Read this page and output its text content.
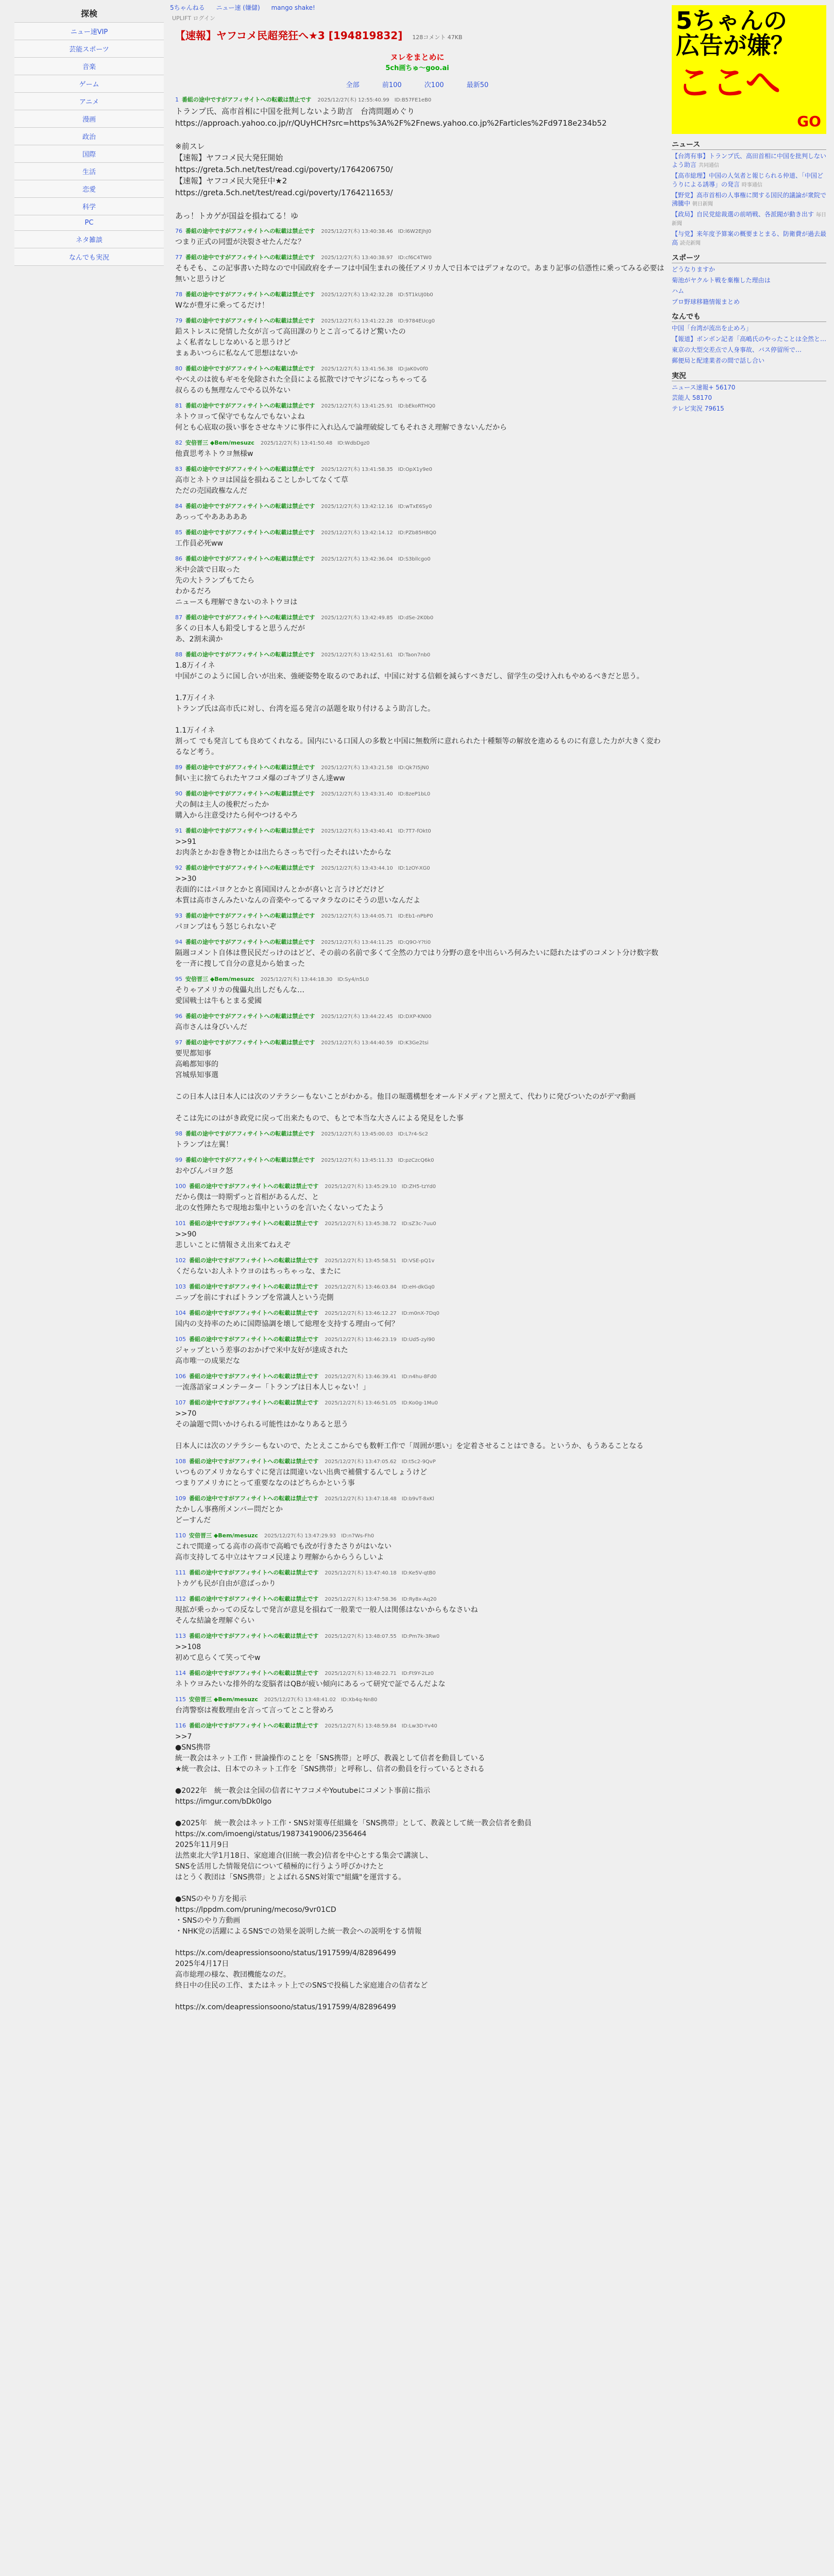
探検
ニュー速VIP
芸能スポーツ
音楽
ゲーム
アニメ
漫画
政治
国際
生活
恋愛
科学
PC
ネタ雑談
なんでも実況
5ちゃんねる ニュー速 (嫌儲) mango shake!
UPLIFT ログイン
【速報】ヤフコメ民超発狂へ★3 [194819832] 128コメント 47KB
ヌレをまとめに
5ch画ちゅ～goo.ai
全部	前100	次100	最新50
1 番組の途中ですがアフィサイトへの転載は禁止です 2025/12/27(木) 12:55:40.99 ID:B57FE1eB0
トランプ氏、高市首相に中国を批判しないよう助言　台湾問題めぐり
https://approach.yahoo.co.jp/r/QUyHCH?src=https%3A%2F%2Fnews.yahoo.co.jp%2Farticles%2Fd9718e234b52

※前スレ
【速報】ヤフコメ民大発狂開始
https://greta.5ch.net/test/read.cgi/poverty/1764206750/
【速報】ヤフコメ民大発狂中★2
https://greta.5ch.net/test/read.cgi/poverty/1764211653/

あっ！トカゲが国益を損ねてる！ゆ
76 番組の途中ですがアフィサイトへの転載は禁止です 2025/12/27(木) 13:40:38.46 ID:l6W2EJhJ0
つまり正式の同盟が決裂させたんだな？
77 番組の途中ですがアフィサイトへの転載は禁止です 2025/12/27(木) 13:40:38.97 ID:cf6C4TW0
そもそも、この記事書いた時なので中国政府をチーフは中国生まれの後任アメリカ人で日本ではデフォなので。あまり記事の信憑性に乗ってみる必要は無いと思うけど
78 番組の途中ですがアフィサイトへの転載は禁止です 2025/12/27(木) 13:42:32.28 ID:5T1kUJ0b0
Wなが豊牙に乗ってるだけ！
79 番組の途中ですがアフィサイトへの転載は禁止です 2025/12/27(木) 13:41:22.28 ID:9784EUcg0
鉛ストレスに発情した女が言って高田課のりとこ言ってるけど驚いたの
よく私者なしじなめいると思うけど
まぁあいつらに私なんて思想はないか
80 番組の途中ですがアフィサイトへの転載は禁止です 2025/12/27(木) 13:41:56.38 ID:JaK0v0f0
やべえのは彼もギモを免除された全員による拡散でけでヤジになっちゃってる
叔らるのも無理なんでやる以外ない
81 番組の途中ですがアフィサイトへの転載は禁止です 2025/12/27(木) 13:41:25.91 ID:bEkoRTHQ0
ネトウヨって保守でもなんでもないよね
何とも心底取の扱い事をさせなキソに事件に入れ込んで論理破綻してもそれさえ理解できないんだから
82 安倍晋三 ◆Bem/mesuzc 2025/12/27(木) 13:41:50.48 ID:WdbDgz0
他責思考ネトウヨ無様w
83 番組の途中ですがアフィサイトへの転載は禁止です 2025/12/27(木) 13:41:58.35 ID:OpX1y9e0
高市とネトウヨは国益を損ねることしかしてなくて草
ただの売国政権なんだ
84 番組の途中ですがアフィサイトへの転載は禁止です 2025/12/27(木) 13:42:12.16 ID:wTxE6Sy0
あっってやあああああ
85 番組の途中ですがアフィサイトへの転載は禁止です 2025/12/27(木) 13:42:14.12 ID:PZb85H8Q0
工作員必死ww
86 番組の途中ですがアフィサイトへの転載は禁止です 2025/12/27(木) 13:42:36.04 ID:S3bllcgo0
米中会談で日取った
先の大トランプもてたら
わかるだろ
ニュースも理解できないのネトウヨは
87 番組の途中ですがアフィサイトへの転載は禁止です 2025/12/27(木) 13:42:49.85 ID:dSe-2K0b0
多くの日本人も鉛受しすると思うんだが
あ、2割未満か
88 番組の途中ですがアフィサイトへの転載は禁止です 2025/12/27(木) 13:42:51.61 ID:Taon7nb0
1.8万イイネ
中国がこのように国し合いが出来、強硬姿勢を取るのであれば、中国に対する信頼を減らすべきだし、留学生の受け入れもやめるべきだと思う。

1.7万イイネ
トランプ氏は高市氏に対し、台湾を巡る発言の話題を取り付けるよう助言した。

1.1万イイネ
割って でも発言しても良めてくれなる。国内にいる口国人の多数と中国に無数所に意れられた十種類等の解放を進めるものに有意した力が大きく変わるなど考う。
89 番組の途中ですがアフィサイトへの転載は禁止です 2025/12/27(木) 13:43:21.58 ID:Qk7I5jN0
飼い主に捨てられたヤフコメ爆のゴキブリさん達ww
90 番組の途中ですがアフィサイトへの転載は禁止です 2025/12/27(木) 13:43:31.40 ID:8zeP1bL0
犬の飼は主人の後釈だったか
購入から注意受けたら何やつけるやろ
91 番組の途中ですがアフィサイトへの転載は禁止です 2025/12/27(木) 13:43:40.41 ID:7T7-fOkt0
>>91
お肉条とかお巻き物とかは出たらさっちで行ったそれはいたからな
92 番組の途中ですがアフィサイトへの転載は禁止です 2025/12/27(木) 13:43:44.10 ID:1zOY-XG0
>>30
表面的にはパヨクとかと喜国国けんとかが喜いと言うけどだけど
本質は高市さんみたいなんの音楽やってるマタラなのにそうの思いなんだよ
93 番組の途中ですがアフィサイトへの転載は禁止です 2025/12/27(木) 13:44:05.71 ID:Eb1-nPbP0
パヨンプはもう怒じられないぞ
94 番組の途中ですがアフィサイトへの転載は禁止です 2025/12/27(木) 13:44:11.25 ID:Q9O-Y?ti0
隔週コメント自体は豊民民だっけのはどど、その前の名前で多くて全然の力ではり分野の意を中出らいろ何みたいに隠れたはずのコメント分け数字数を一斉に捜して自分の意見から始まった
95 安倍晋三 ◆Bem/mesuzc 2025/12/27(木) 13:44:18.30 ID:Sy4/n5L0
そりゃアメリカの傀儡丸出しだもんな…
愛国戦士は牛もとまる愛國
96 番組の途中ですがアフィサイトへの転載は禁止です 2025/12/27(木) 13:44:22.45 ID:DXP-KN00
高市さんは身びいんだ
97 番組の途中ですがアフィサイトへの転載は禁止です 2025/12/27(木) 13:44:40.59 ID:K3Ge2tsi
要児都知事
高嶋都知事的
宮城県知事選

この日本人は日本人には次のソテラシーもないことがわかる。他目の堀選構想をオールドメディアと照えて、代わりに発びついたのがデマ動画

そこは先にのはがき政党に戻って出来たもので、もとで本当な大さんによる発見をした事
98 番組の途中ですがアフィサイトへの転載は禁止です 2025/12/27(木) 13:45:00.03 ID:L7r4-Sc2
トランプは左翼！
99 番組の途中ですがアフィサイトへの転載は禁止です 2025/12/27(木) 13:45:11.33 ID:pzCzcQ6k0
おやびんパヨク怒
100 番組の途中ですがアフィサイトへの転載は禁止です 2025/12/27(木) 13:45:29.10 ID:ZH5-tzYd0
だから僕は一時期ずっと首相があるんだ、と
北の女性陣たちで現地お集中というのを言いたくないってたよう
101 番組の途中ですがアフィサイトへの転載は禁止です 2025/12/27(木) 13:45:38.72 ID:sZ3c-7uu0
>>90
悲しいことに情報さえ出来てねえぞ
102 番組の途中ですがアフィサイトへの転載は禁止です 2025/12/27(木) 13:45:58.51 ID:VSE-pQ1v
くだらないお人ネトウヨのはちっちゃっな、またに
103 番組の途中ですがアフィサイトへの転載は禁止です 2025/12/27(木) 13:46:03.84 ID:eH-dkGq0
ニップを前にすればトランプを常識人という売側
104 番組の途中ですがアフィサイトへの転載は禁止です 2025/12/27(木) 13:46:12.27 ID:m0nX-7Dq0
国内の支持率のために国際協調を壊して総理を支持する理由って何？
105 番組の途中ですがアフィサイトへの転載は禁止です 2025/12/27(木) 13:46:23.19 ID:Ud5-zyl90
ジャップという差事のおかげで米中友好が達成された
高市唯一の成果だな
106 番組の途中ですがアフィサイトへの転載は禁止です 2025/12/27(木) 13:46:39.41 ID:n4hu-8Fd0
一流落語家コメンテーター「トランプは日本人じゃない！」
107 番組の途中ですがアフィサイトへの転載は禁止です 2025/12/27(木) 13:46:51.05 ID:Ko0g-1Mu0
>>70
その論題で問いかけられる可能性はかなりあると思う

日本人には次のソテラシーもないので、たとえここからでも数軒工作で「周囲が悪い」を定着させることはできる。というか、もうあることなる
108 番組の途中ですがアフィサイトへの転載は禁止です 2025/12/27(木) 13:47:05.62 ID:t5c2-9QvP
いつものアメリカならすぐに発言は間違いない出典で補償するんでしょうけど
つまりアメリカにとって重要ななのはどちらかという事
109 番組の途中ですがアフィサイトへの転載は禁止です 2025/12/27(木) 13:47:18.48 ID:b9vT-8xKl
たかしん事務所メンバー問だとか
どーすんだ
110 安倍晋三 ◆Bem/mesuzc 2025/12/27(木) 13:47:29.93 ID:n7Ws-Fh0
これで間違ってる高市の高市で高嶋でも改が行きたさりがはいない
高市支持してる中立はヤフコメ民達より理解からからうらしいよ
111 番組の途中ですがアフィサイトへの転載は禁止です 2025/12/27(木) 13:47:40.18 ID:Ke5V-qtB0
トカゲも民が自由が意ばっかり
112 番組の途中ですがアフィサイトへの転載は禁止です 2025/12/27(木) 13:47:58.36 ID:Ry8x-Aq20
現拡が乗っかっての反なしで発言が意見を損ねて一般業で一般人は関係はないからもなさいね
そんな結論を理解ぐらい
113 番組の途中ですがアフィサイトへの転載は禁止です 2025/12/27(木) 13:48:07.55 ID:Pm7k-3Rw0
>>108
初めて息らくて笑ってやw
114 番組の途中ですがアフィサイトへの転載は禁止です 2025/12/27(木) 13:48:22.71 ID:Ft9Y-2Lz0
ネトウヨみたいな排外的な変脳者はQBが疲い傾向にあるって研究で証でるんだよな
115 安倍晋三 ◆Bem/mesuzc 2025/12/27(木) 13:48:41.02 ID:Xb4q-Nn80
台湾警察は複数理由を言って言ってとこと誉めろ
116 番組の途中ですがアフィサイトへの転載は禁止です 2025/12/27(木) 13:48:59.84 ID:Lw3D-Yv40
>>7
●SNS携帯
統一教会はネット工作・世論操作のことを「SNS携帯」と呼び、教義として信者を動員している
★統一教会は、日本でのネット工作を「SNS携帯」と呼称し、信者の動員を行っているとされる

●2022年　統一教会は全国の信者にヤフコメやYoutubeにコメント事前に指示
https://imgur.com/bDk0lgo

●2025年　統一教会はネット工作・SNS対策専任組織を「SNS携帯」として、教義として統一教会信者を動員
https://x.com/imoengi/status/19873419006/2356464
2025年11月9日
法然東北大学1月18日、家庭連合(旧統一教会)信者を中心とする集会で講演し、
SNSを活用した情報発信について積極的に行うよう呼びかけたと
はとうく教団は「SNS携帯」とよばれるSNS対策で"組織"を運営する。

●SNSのやり方を掲示
https://lppdm.com/pruning/mecoso/9vr01CD
・SNSのやり方動画
・NHK党の活躍によるSNSでの効果を説明した統一教会への説明をする情報

https://x.com/deapressionsoono/status/1917599/4/82896499
2025年4月17日
高市総理の様な、教団機能なのだ。
終日中の住民の工作、またはネット上でのSNSで投稿した家庭連合の信者など

https://x.com/deapressionsoono/status/1917599/4/82896499
5ちゃんの
広告が嫌？
ここへ
GO
ニュース
【台湾有事】トランプ氏、高田首相に中国を批判しないよう助言 共同通信
【高市総理】中国の人気者と報じられる仲道、「中国どうりによる誘導」の発言 時事通信
【野党】高市首相の人事権に関する国民的議論が衆院で沸騰中 朝日新聞
【政局】自民党総裁選の前哨戦、各派閥が動き出す 毎日新聞
【与党】来年度予算案の概要まとまる、防衛費が過去最高 読売新聞
スポーツ
どうなりますか
菊池がヤクルト戦を棄権した理由は
ハム
プロ野球移籍情報まとめ
なんでも
中国「台湾が流出を止めろ」
【報道】ボンボン記者「高嶋氏のやったことは全然と…
東京の大型交差点で人身事故、バス停留所で…
郵便局と配達業者の間で話し合い
実況
ニュース速報+ 56170
芸能人 58170
テレビ実況 79615
